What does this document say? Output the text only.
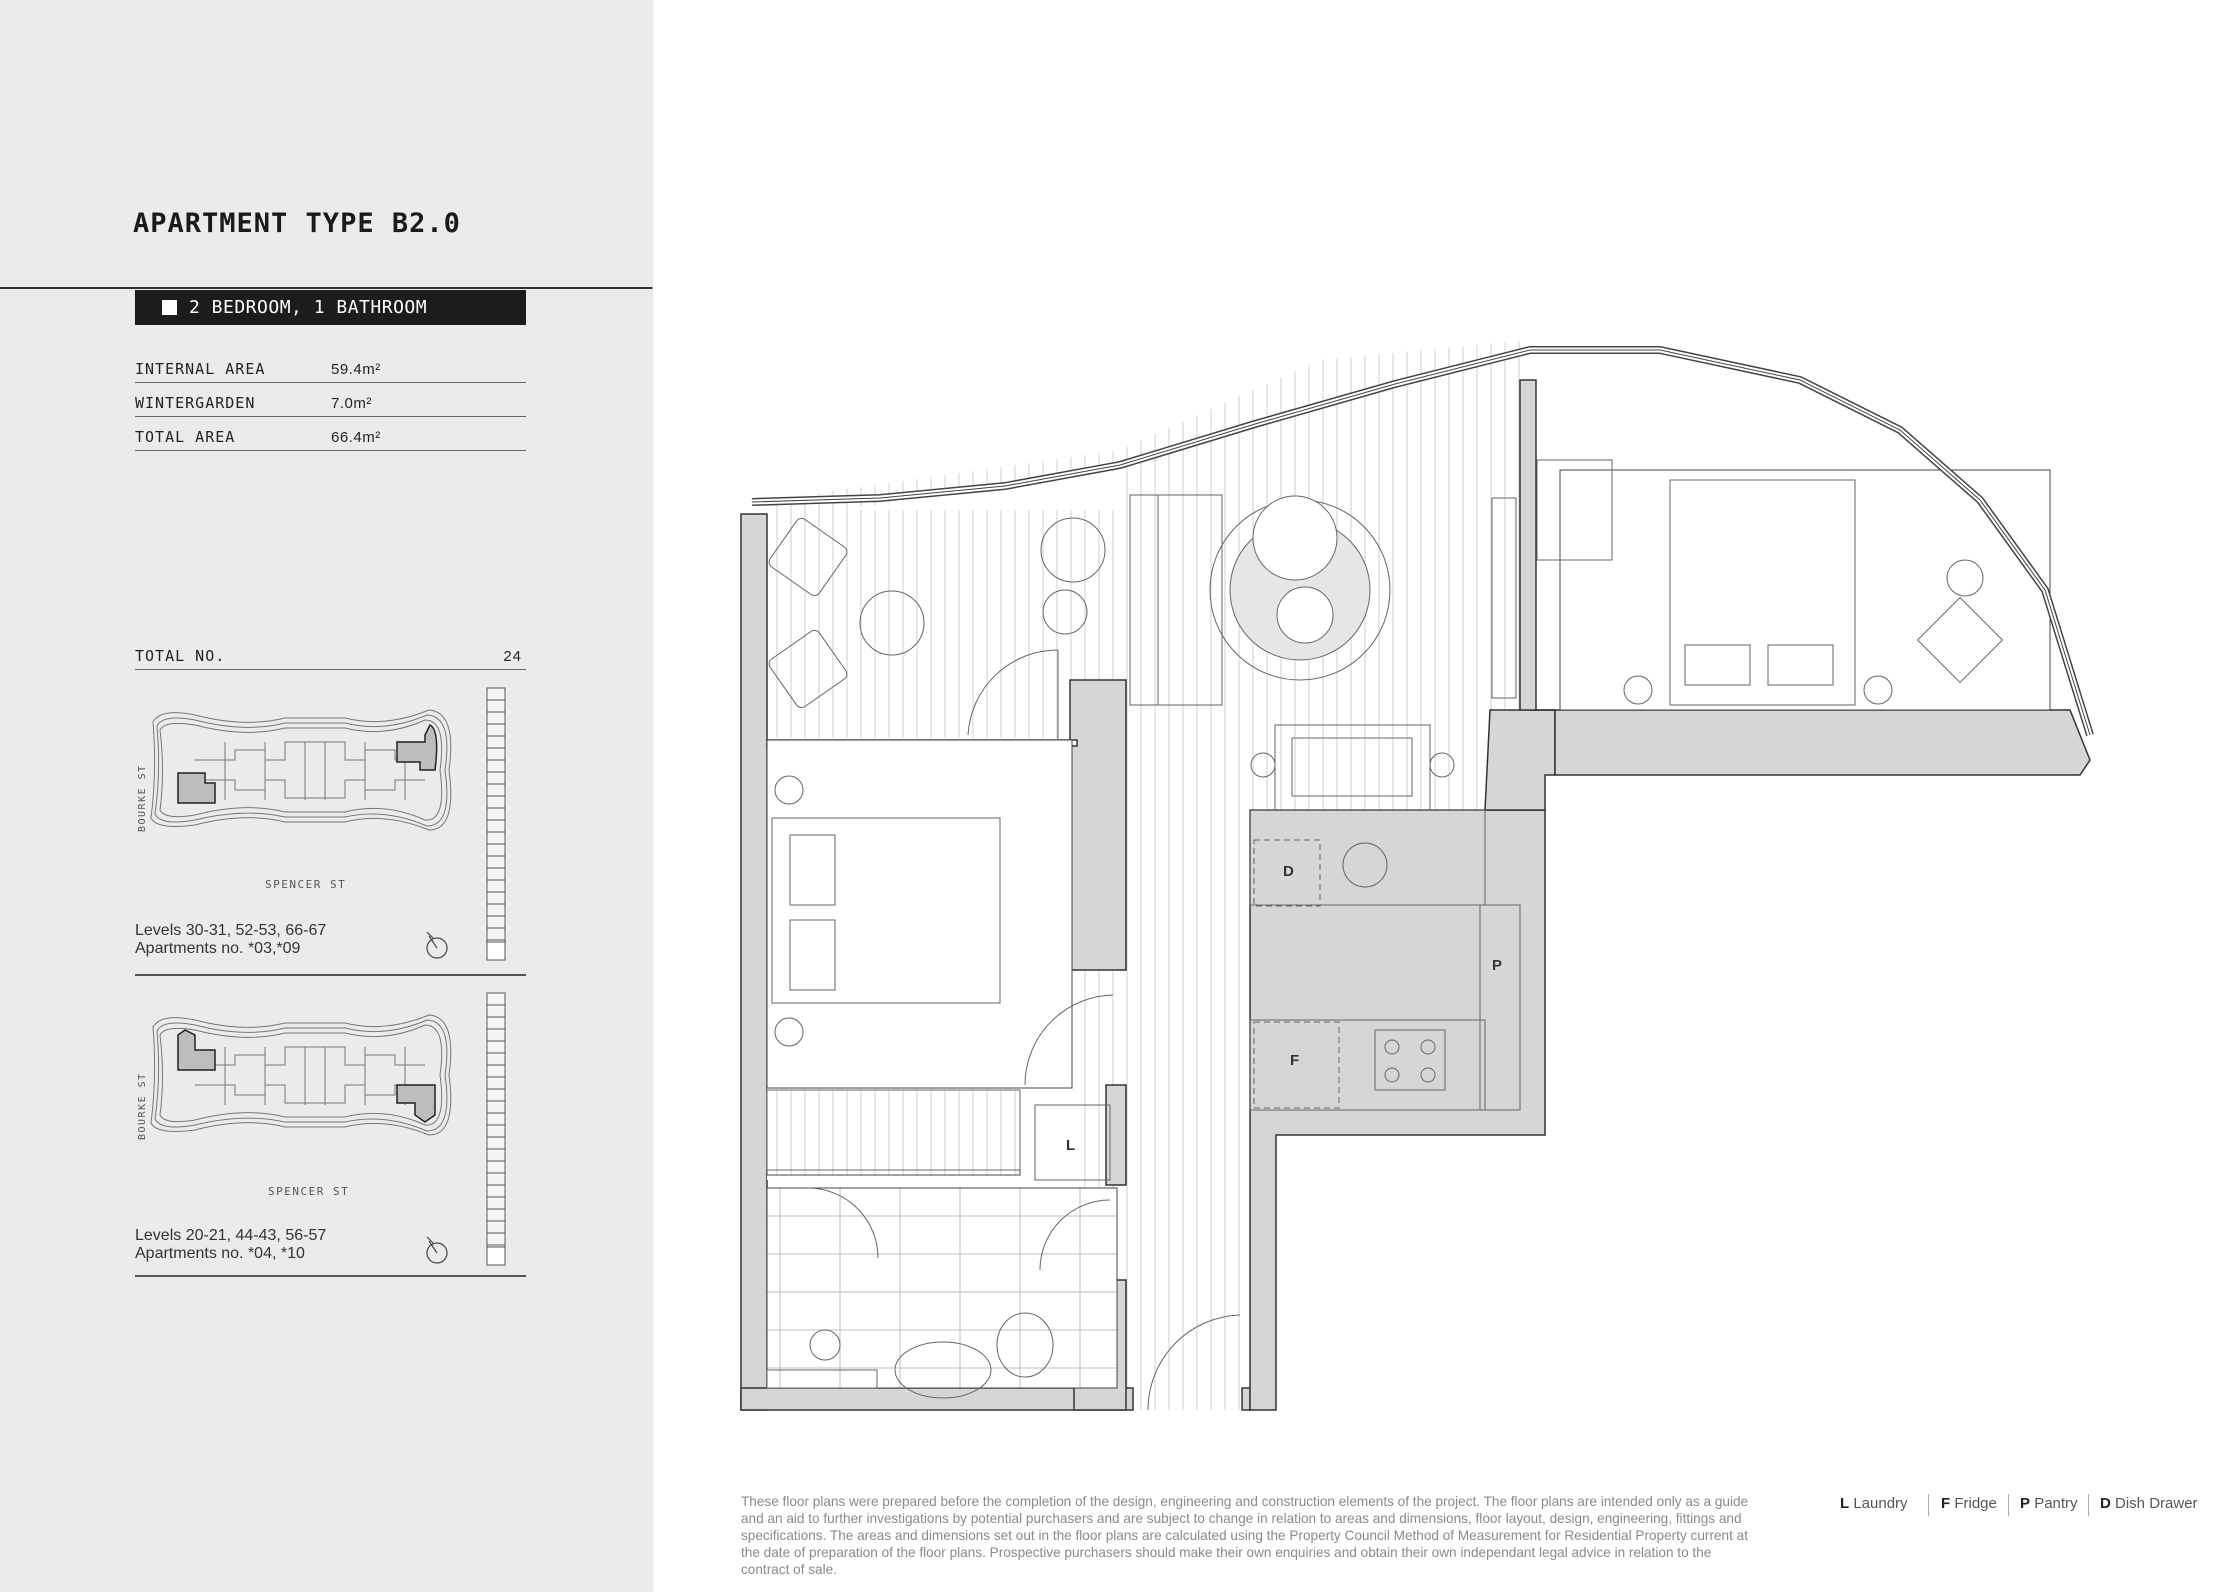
APARTMENT TYPE B2.0
2 BEDROOM, 1 BATHROOM
INTERNAL AREA	59.4m²
WINTERGARDEN	7.0m²
TOTAL AREA	66.4m²
TOTAL NO.	24
BOURKE ST
SPENCER ST
Levels 30-31, 52-53, 66-67
Apartments no. *03,*09
BOURKE ST
SPENCER ST
Levels 20-21, 44-43, 56-57
Apartments no. *04, *10
D
P
F
L
These floor plans were prepared before the completion of the design, engineering and construction elements of the project. The floor plans are intended only as a guide and an aid to further investigations by potential purchasers and are subject to change in relation to areas and dimensions, floor layout, design, engineering, fittings and specifications. The areas and dimensions set out in the floor plans are calculated using the Property Council Method of Measurement for Residential Property current at the date of preparation of the floor plans. Prospective purchasers should make their own enquiries and obtain their own independant legal advice in relation to the contract of sale.
L Laundry F Fridge P Pantry D Dish Drawer
